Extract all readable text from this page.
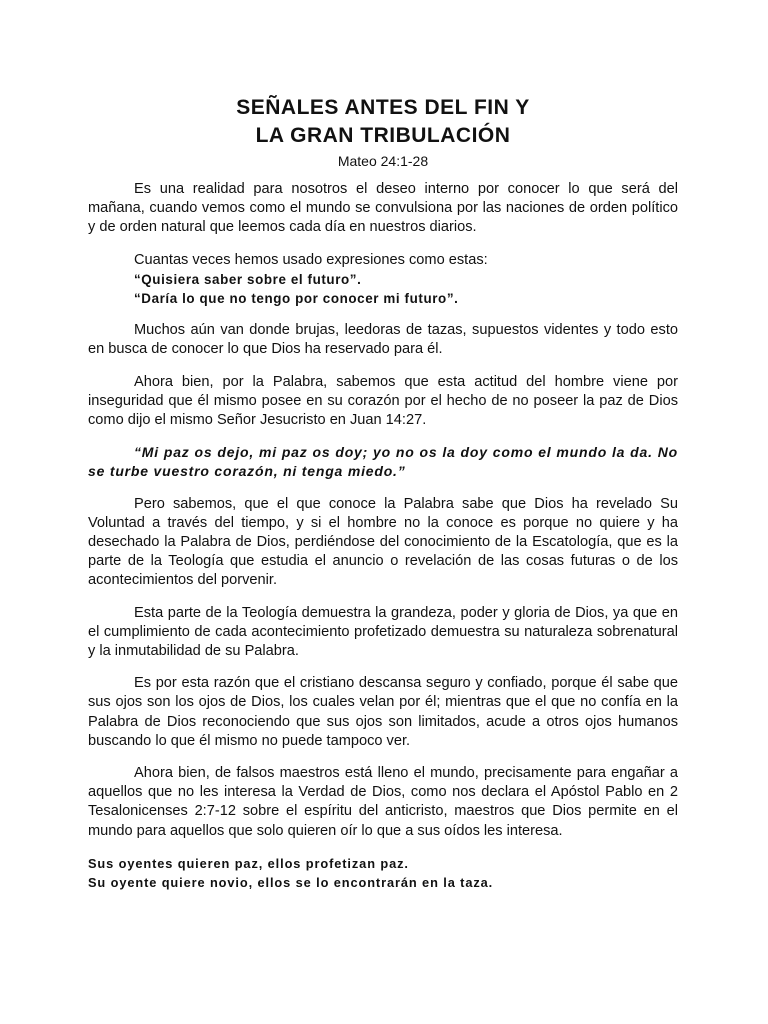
SEÑALES ANTES DEL FIN Y
LA GRAN TRIBULACIÓN
Mateo 24:1-28

Es una realidad para nosotros el deseo interno por conocer lo que será del mañana, cuando vemos como el mundo se convulsiona por las naciones de orden político y de orden natural que leemos cada día en nuestros diarios.

Cuantas veces hemos usado expresiones como estas:
“Quisiera saber sobre el futuro”.
“Daría lo que no tengo por conocer mi futuro”.

Muchos aún van donde brujas, leedoras de tazas, supuestos videntes y todo esto en busca de conocer lo que Dios ha reservado para él.

Ahora bien, por la Palabra, sabemos que esta actitud del hombre viene por inseguridad que él mismo posee en su corazón por el hecho de no poseer la paz de Dios como dijo el mismo Señor Jesucristo en Juan 14:27.

“Mi paz os dejo, mi paz os doy; yo no os la doy como el mundo la da. No se turbe vuestro corazón, ni tenga miedo.”

Pero sabemos, que el que conoce la Palabra sabe que Dios ha revelado Su Voluntad a través del tiempo, y si el hombre no la conoce es porque no quiere y ha desechado la Palabra de Dios, perdiéndose del conocimiento de la Escatología, que es la parte de la Teología que estudia el anuncio o revelación de las cosas futuras o de los acontecimientos del porvenir.

Esta parte de la Teología demuestra la grandeza, poder y gloria de Dios, ya que en el cumplimiento de cada acontecimiento profetizado demuestra su naturaleza sobrenatural y la inmutabilidad de su Palabra.

Es por esta razón que el cristiano descansa seguro y confiado, porque él sabe que sus ojos son los ojos de Dios, los cuales velan por él; mientras que el que no confía en la Palabra de Dios reconociendo que sus ojos son limitados, acude a otros ojos humanos buscando lo que él mismo no puede tampoco ver.

Ahora bien, de falsos maestros está lleno el mundo, precisamente para engañar a aquellos que no les interesa la Verdad de Dios, como nos declara el Apóstol Pablo en 2 Tesalonicenses 2:7-12 sobre el espíritu del anticristo, maestros que Dios permite en el mundo para aquellos que solo quieren oír lo que a sus oídos les interesa.

Sus oyentes quieren paz, ellos profetizan paz.

Su oyente quiere novio, ellos se lo encontrarán en la taza.
